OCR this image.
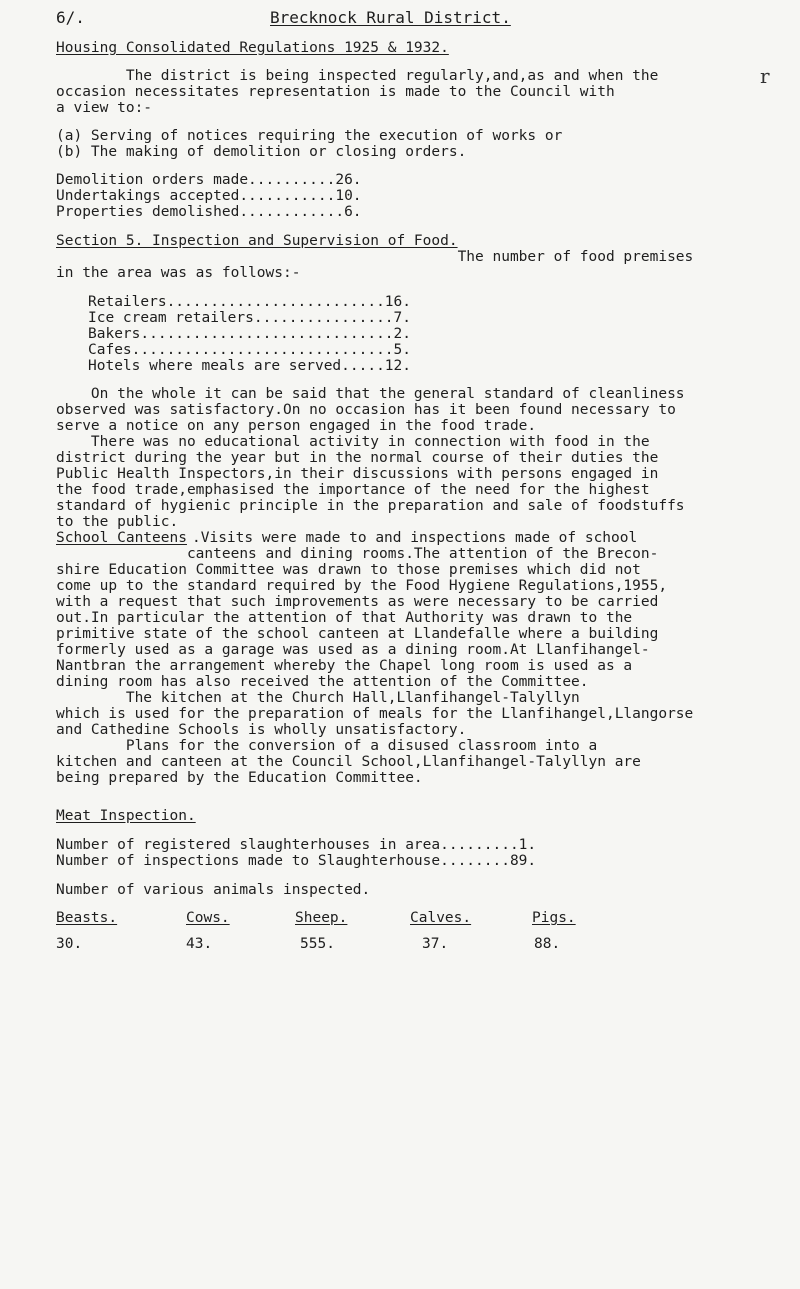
6/.	Brecknock Rural District.
r
Housing Consolidated Regulations 1925 & 1932.
The district is being inspected regularly,and,as and when the
occasion necessitates representation is made to the Council with
a view to:-
(a) Serving of notices requiring the execution of works or
(b) The making of demolition or closing orders.
Demolition orders made..........26.
Undertakings accepted...........10.
Properties demolished............6.
Section 5. Inspection and Supervision of Food.
The number of food premises
in the area was as follows:-
Retailers.........................16.
Ice cream retailers................7.
Bakers.............................2.
Cafes..............................5.
Hotels where meals are served.....12.
On the whole it can be said that the general standard of cleanliness
observed was satisfactory.On no occasion has it been found necessary to
serve a notice on any person engaged in the food trade.
There was no educational activity in connection with food in the
district during the year but in the normal course of their duties the
Public Health Inspectors,in their discussions with persons engaged in
the food trade,emphasised the importance of the need for the highest
standard of hygienic principle in the preparation and sale of foodstuffs
to the public.
School Canteens .Visits were made to and inspections made of school
canteens and dining rooms.The attention of the Brecon-
shire Education Committee was drawn to those premises which did not
come up to the standard required by the Food Hygiene Regulations,1955,
with a request that such improvements as were necessary to be carried
out.In particular the attention of that Authority was drawn to the
primitive state of the school canteen at Llandefalle where a building
formerly used as a garage was used as a dining room.At Llanfihangel-
Nantbran the arrangement whereby the Chapel long room is used as a
dining room has also received the attention of the Committee.
The kitchen at the Church Hall,Llanfihangel-Talyllyn
which is used for the preparation of meals for the Llanfihangel,Llangorse
and Cathedine Schools is wholly unsatisfactory.
Plans for the conversion of a disused classroom into a
kitchen and canteen at the Council School,Llanfihangel-Talyllyn are
being prepared by the Education Committee.
Meat Inspection.
Number of registered slaughterhouses in area.........1.
Number of inspections made to Slaughterhouse........89.
Number of various animals inspected.
Beasts.
30.
Cows.
43.
Sheep.
555.
Calves.
37.
Pigs.
88.
